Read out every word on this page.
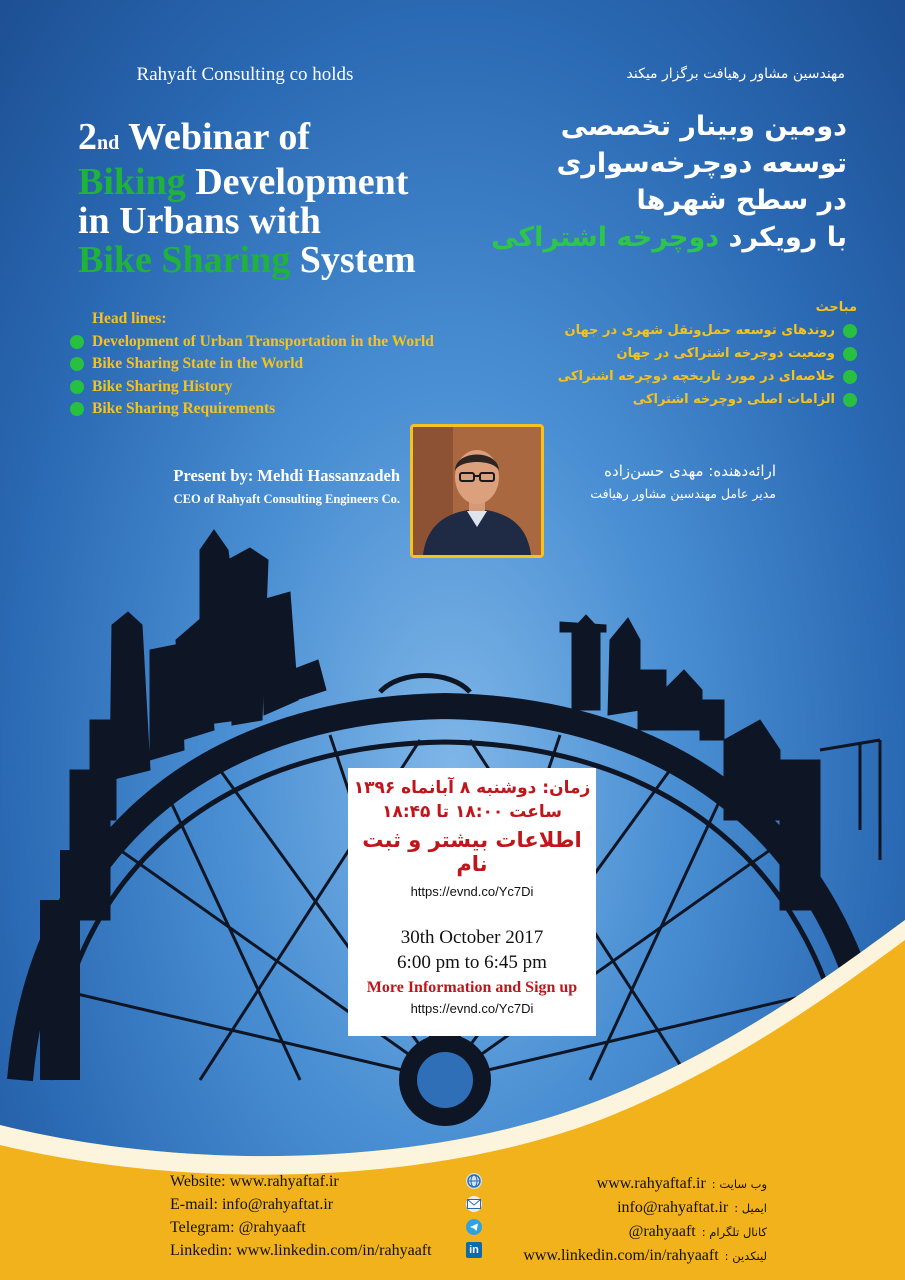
Rahyaft Consulting co holds	مهندسین مشاور رهیافت برگزار میکند
2nd Webinar of
Biking Development
in Urbans with
Bike Sharing System
دومین وبینار تخصصی
توسعه دوچرخه‌سواری
در سطح شهرها
با رویکرد دوچرخه اشتراکی
Head lines:
Development of Urban Transportation in the World
Bike Sharing State in the World
Bike Sharing History
Bike Sharing Requirements
مباحث
روندهای توسعه حمل‌ونقل شهری در جهان
وضعیت دوچرخه اشتراکی در جهان
خلاصه‌ای در مورد تاریخچه دوچرخه اشتراکی
الزامات اصلی دوچرخه اشتراکی
Present by: Mehdi Hassanzadeh
CEO of Rahyaft Consulting Engineers Co.
ارائه‌دهنده: مهدی حسن‌زاده
مدیر عامل مهندسین مشاور رهیافت
زمان: دوشنبه ۸ آبانماه ۱۳۹۶
ساعت ۱۸:۰۰ تا ۱۸:۴۵
اطلاعات بیشتر و ثبت نام
https://evnd.co/Yc7Di
30th October 2017
6:00 pm to 6:45 pm
More Information and Sign up
https://evnd.co/Yc7Di
Website: www.rahyaftaf.ir
E-mail: info@rahyaftat.ir
Telegram: @rahyaaft
Linkedin: www.linkedin.com/in/rahyaaft	in
www.rahyaftaf.ir وب سایت :
info@rahyaftat.ir ایمیل :
@rahyaaft کانال تلگرام :
www.linkedin.com/in/rahyaaft لینکدین :
